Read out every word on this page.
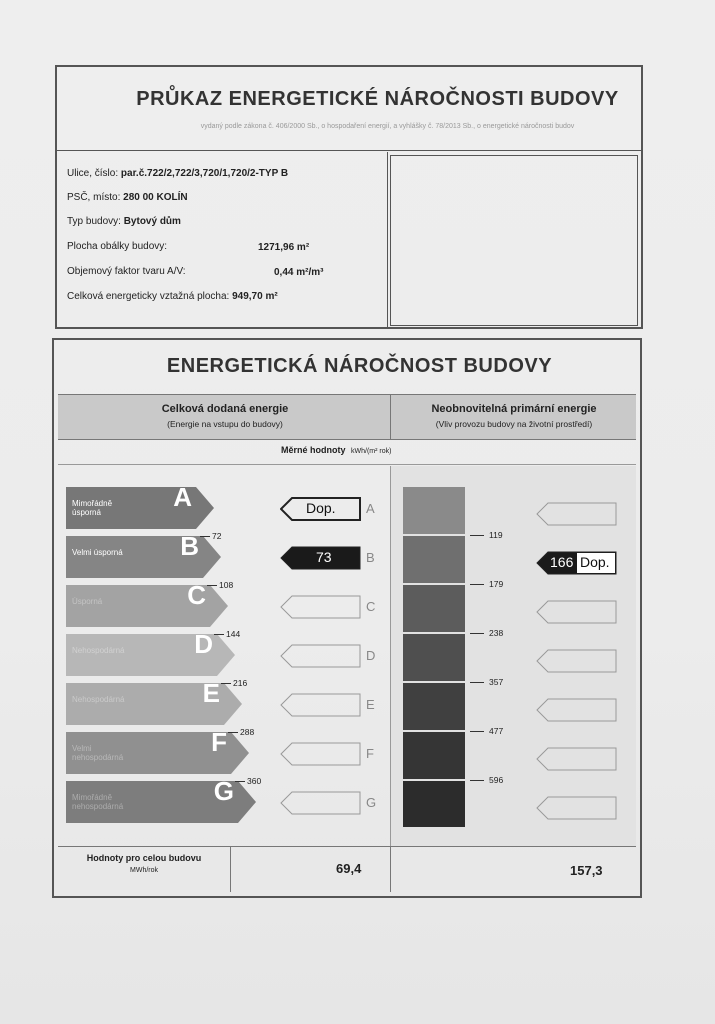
PRŮKAZ ENERGETICKÉ NÁROČNOSTI BUDOVY
vydaný podle zákona č. 406/2000 Sb., o hospodaření energií, a vyhlášky č. 78/2013 Sb., o energetické náročnosti budov
Ulice, číslo: par.č.722/2,722/3,720/1,720/2-TYP B
PSČ, místo: 280 00 KOLÍN
Typ budovy: Bytový dům
Plocha obálky budovy:	1271,96 m²
Objemový faktor tvaru A/V:	0,44 m²/m³
Celková energeticky vztažná plocha: 949,70 m²
ENERGETICKÁ NÁROČNOST BUDOVY
Celková dodaná energie
(Energie na vstupu do budovy)
Neobnovitelná primární energie
(Vliv provozu budovy na životní prostředí)
Měrné hodnoty kWh/(m² rok)
Mimořádně úsporná
A
Velmi úsporná	B
Úsporná	C
Nehospodárná	D
Nehospodárná	E
Velmi nehospodárná
F
Mimořádně nehospodárná
G
72
108
144
216
288
360
Dop. A
73	B
C
D
E
F
G
119
179
238
357
477
596
166 Dop.
Hodnoty pro celou budovu
MWh/rok	69,4	157,3
